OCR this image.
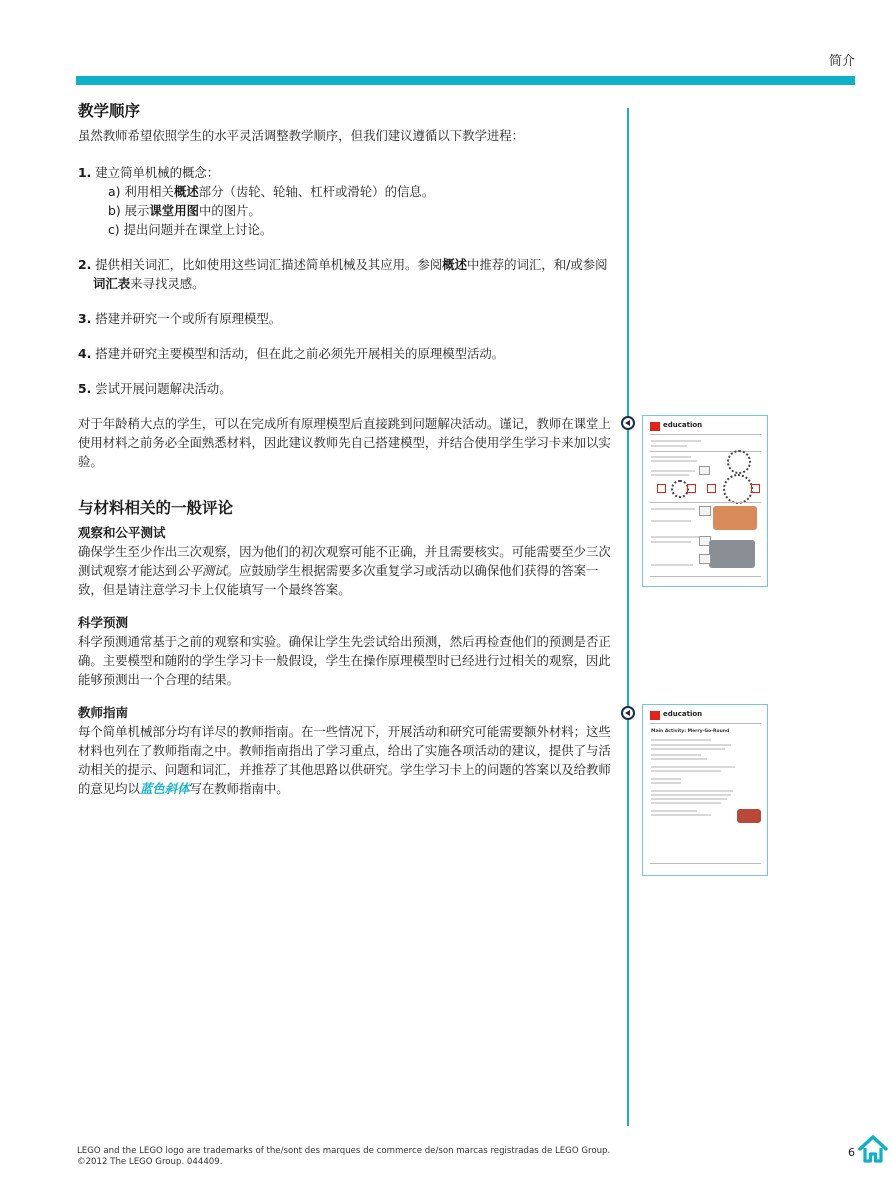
简介
教学顺序

虽然教师希望依照学生的水平灵活调整教学顺序，但我们建议遵循以下教学进程：

1. 建立简单机械的概念：
a) 利用相关概述部分（齿轮、轮轴、杠杆或滑轮）的信息。
b) 展示课堂用图中的图片。
c) 提出问题并在课堂上讨论。
2. 提供相关词汇，比如使用这些词汇描述简单机械及其应用。参阅概述中推荐的词汇，和/或参阅词汇表来寻找灵感。
3. 搭建并研究一个或所有原理模型。
4. 搭建并研究主要模型和活动，但在此之前必须先开展相关的原理模型活动。
5. 尝试开展问题解决活动。

对于年龄稍大点的学生，可以在完成所有原理模型后直接跳到问题解决活动。谨记，教师在课堂上使用材料之前务必全面熟悉材料，因此建议教师先自己搭建模型，并结合使用学生学习卡来加以实验。

与材料相关的一般评论
观察和公平测试

确保学生至少作出三次观察，因为他们的初次观察可能不正确，并且需要核实。可能需要至少三次测试观察才能达到公平测试。应鼓励学生根据需要多次重复学习或活动以确保他们获得的答案一致，但是请注意学习卡上仅能填写一个最终答案。

科学预测

科学预测通常基于之前的观察和实验。确保让学生先尝试给出预测，然后再检查他们的预测是否正确。主要模型和随附的学生学习卡一般假设，学生在操作原理模型时已经进行过相关的观察，因此能够预测出一个合理的结果。

教师指南

每个简单机械部分均有详尽的教师指南。在一些情况下，开展活动和研究可能需要额外材料；这些材料也列在了教师指南之中。教师指南指出了学习重点，给出了实施各项活动的建议，提供了与活动相关的提示、问题和词汇，并推荐了其他思路以供研究。学生学习卡上的问题的答案以及给教师的意见均以蓝色斜体写在教师指南中。

education
education
Main Activity: Merry-Go-Round
LEGO and the LEGO logo are trademarks of the/sont des marques de commerce de/son marcas registradas de LEGO Group.
©2012 The LEGO Group. 044409.
6
